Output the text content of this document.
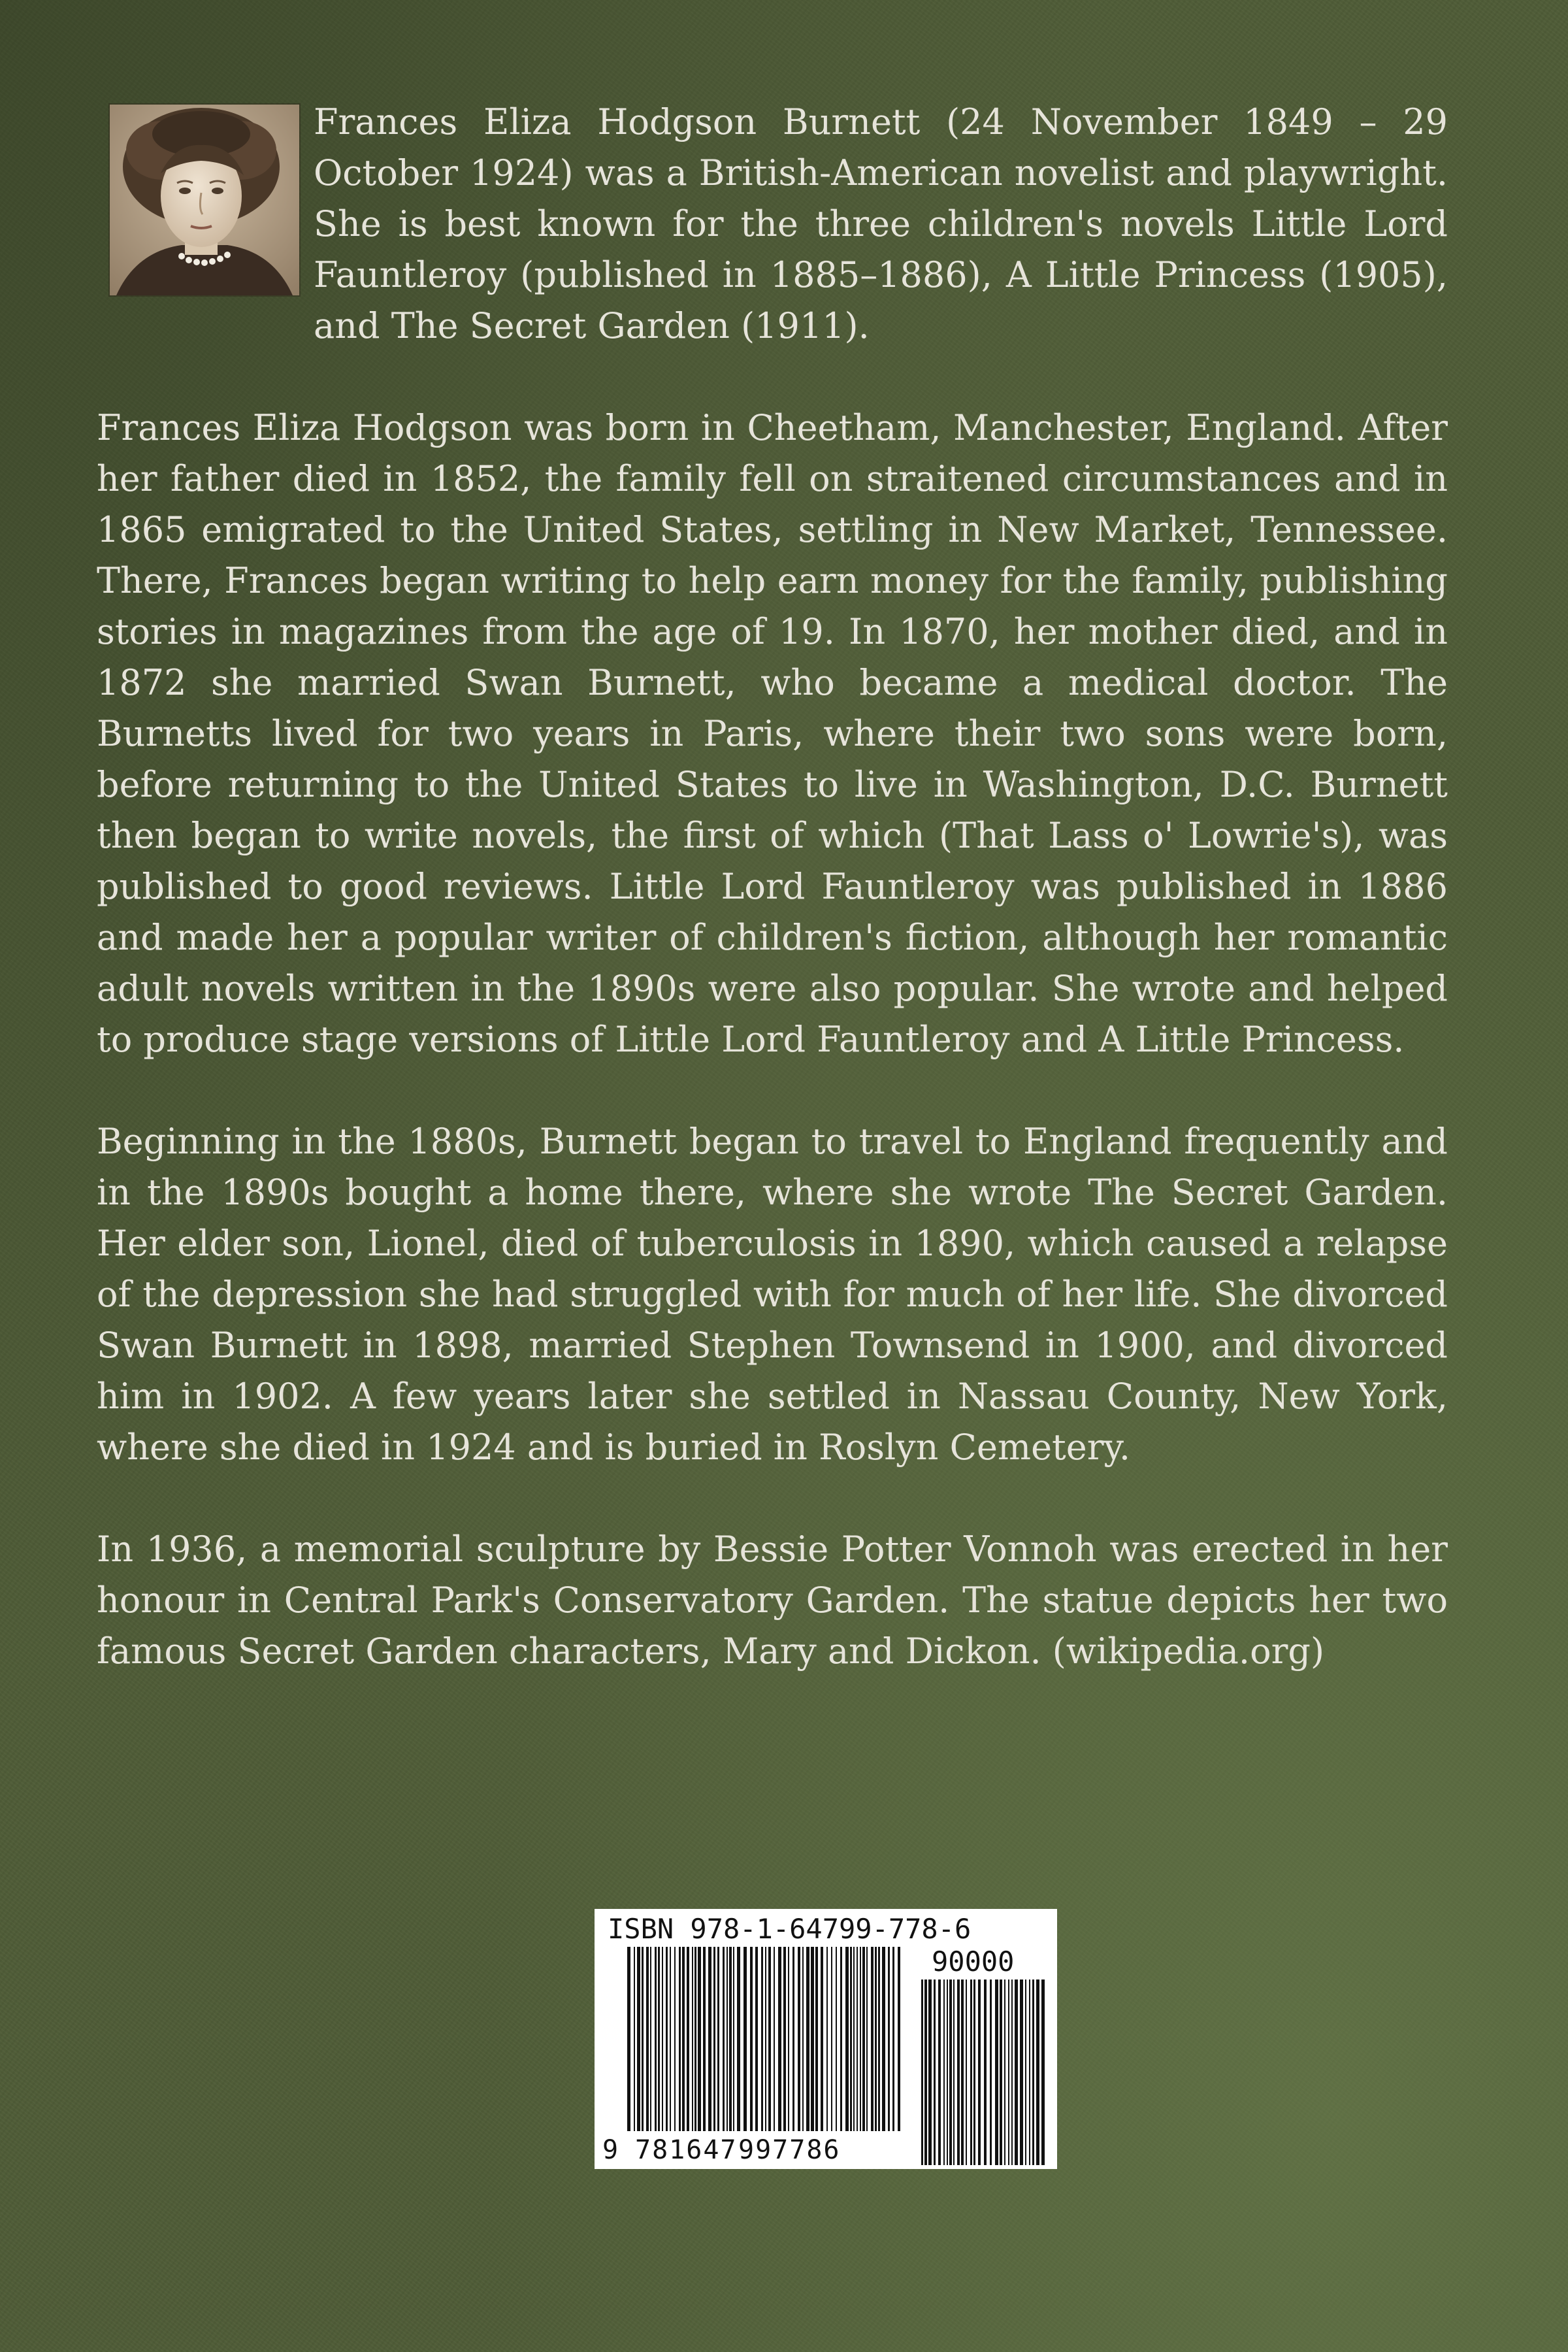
Frances Eliza Hodgson Burnett (24 November 1849 – 29 October 1924) was a British-American novelist and playwright. She is best known for the three children's novels Little Lord Fauntleroy (published in 1885–1886), A Little Princess (1905), and The Secret Garden (1911).

Frances Eliza Hodgson was born in Cheetham, Manchester, England. After her father died in 1852, the family fell on straitened circumstances and in 1865 emigrated to the United States, settling in New Market, Tennessee. There, Frances began writing to help earn money for the family, publishing stories in magazines from the age of 19. In 1870, her mother died, and in 1872 she married Swan Burnett, who became a medical doctor. The Burnetts lived for two years in Paris, where their two sons were born, before returning to the United States to live in Washington, D.C. Burnett then began to write novels, the first of which (That Lass o' Lowrie's), was published to good reviews. Little Lord Fauntleroy was published in 1886 and made her a popular writer of children's fiction, although her romantic adult novels written in the 1890s were also popular. She wrote and helped to produce stage versions of Little Lord Fauntleroy and A Little Princess.

Beginning in the 1880s, Burnett began to travel to England frequently and in the 1890s bought a home there, where she wrote The Secret Garden. Her elder son, Lionel, died of tuberculosis in 1890, which caused a relapse of the depression she had struggled with for much of her life. She divorced Swan Burnett in 1898, married Stephen Townsend in 1900, and divorced him in 1902. A few years later she settled in Nassau County, New York, where she died in 1924 and is buried in Roslyn Cemetery.

In 1936, a memorial sculpture by Bessie Potter Vonnoh was erected in her honour in Central Park's Conservatory Garden. The statue depicts her two famous Secret Garden characters, Mary and Dickon. (wikipedia.org)

ISBN 978-1-64799-778-6
90000
9 781647 997786
